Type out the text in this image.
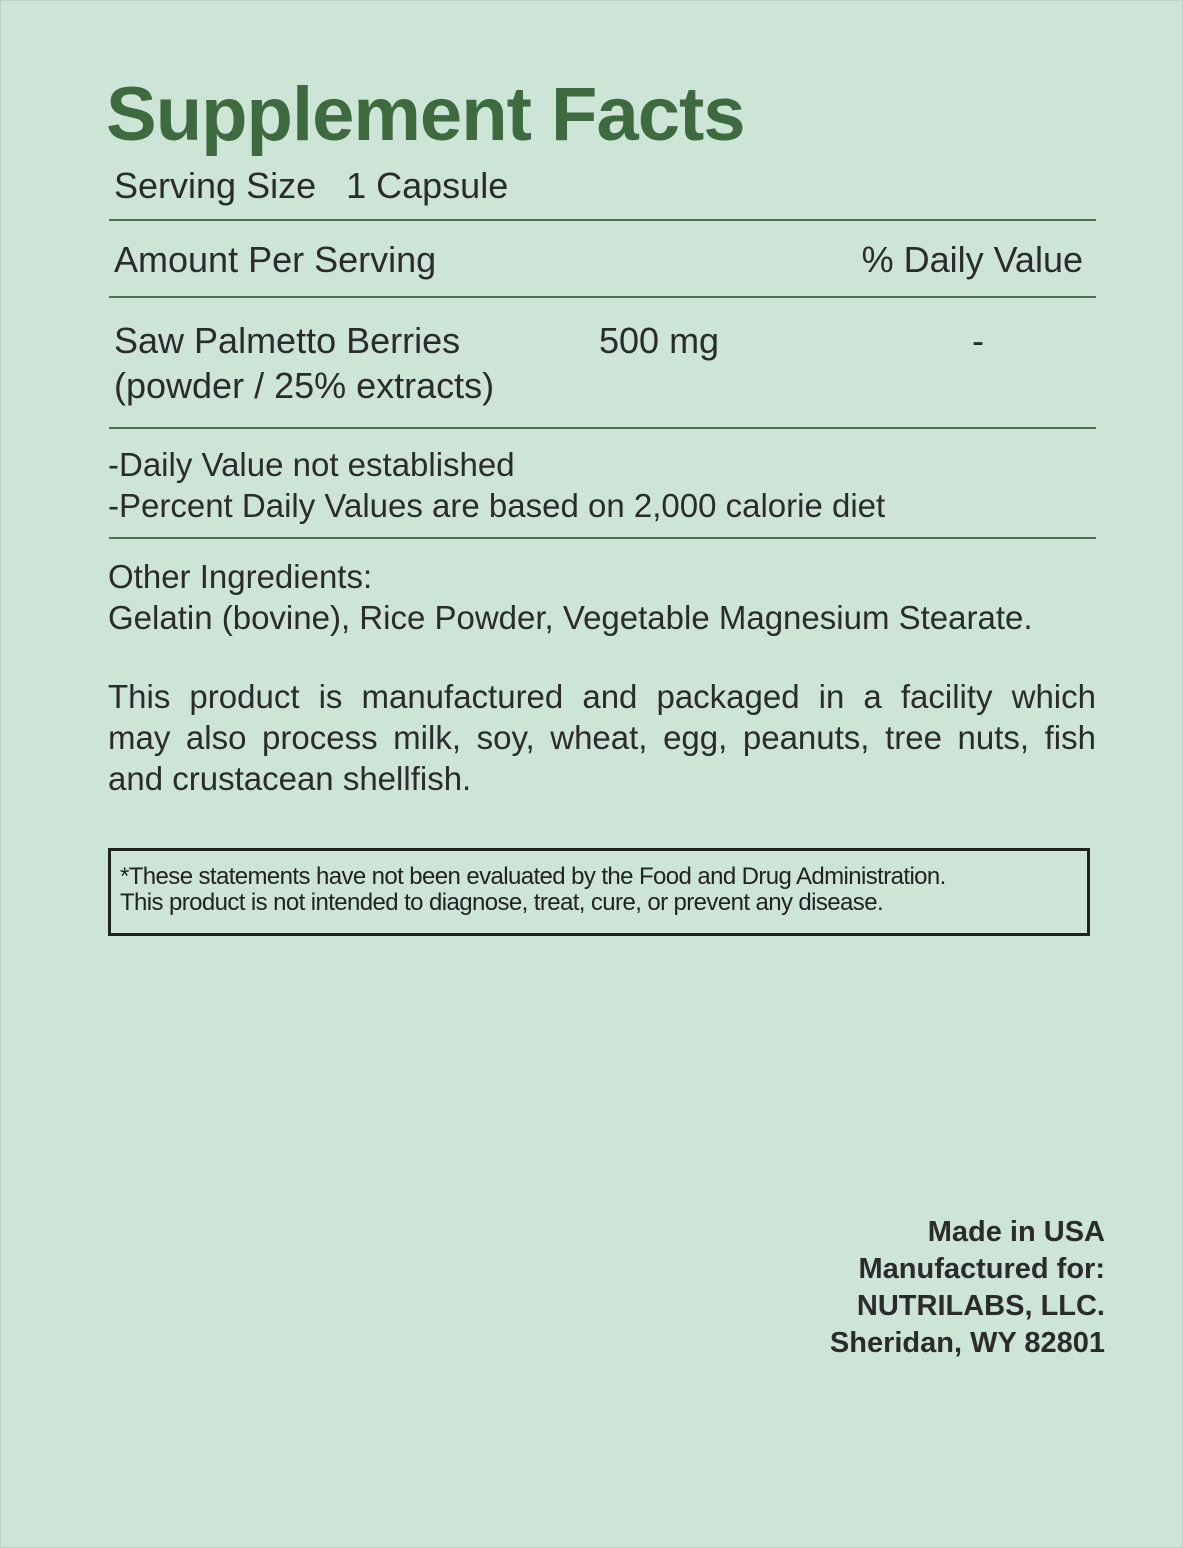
Supplement Facts
Serving Size 1 Capsule
Amount Per Serving	% Daily Value
Saw Palmetto Berries
(powder / 25% extracts)
500 mg	-
-Daily Value not established
-Percent Daily Values are based on 2,000 calorie diet
Other Ingredients:
Gelatin (bovine), Rice Powder, Vegetable Magnesium Stearate.
This product is manufactured and packaged in a facility which
may also process milk, soy, wheat, egg, peanuts, tree nuts, fish
and crustacean shellfish.
*These statements have not been evaluated by the Food and Drug Administration.
This product is not intended to diagnose, treat, cure, or prevent any disease.
Made in USA
Manufactured for:
NUTRILABS, LLC.
Sheridan, WY 82801
